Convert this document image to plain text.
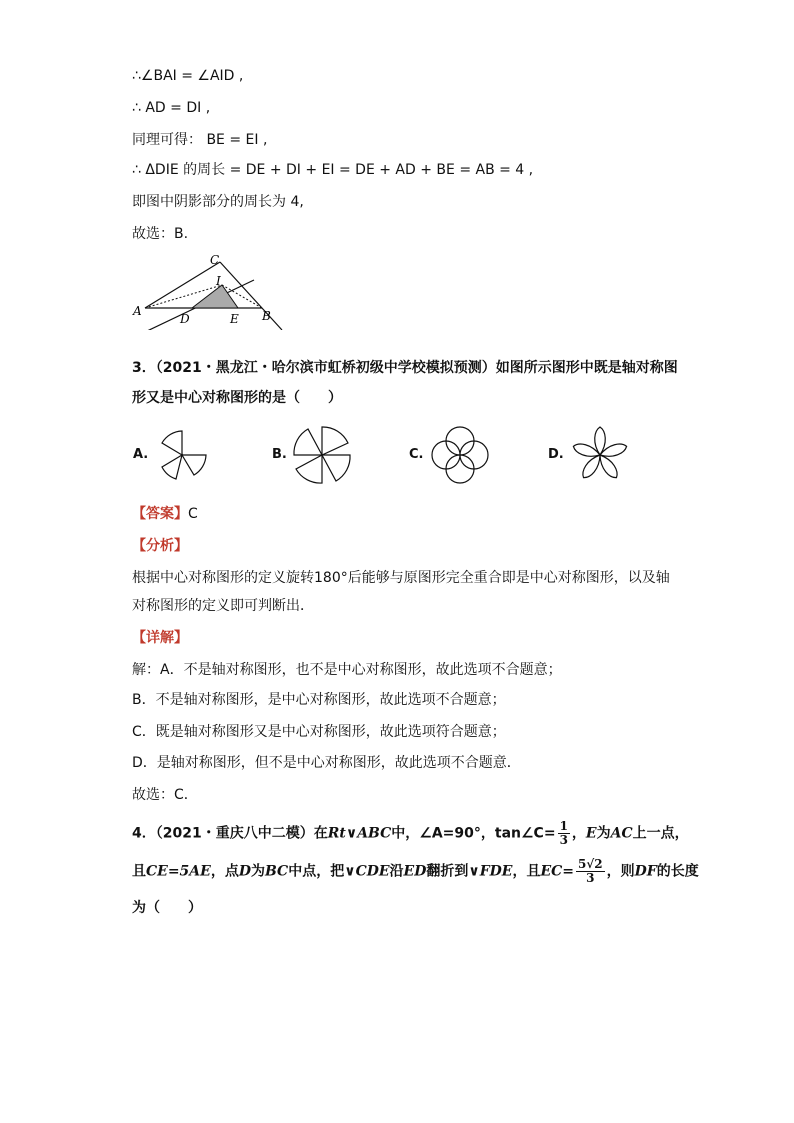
∴∠BAI = ∠AID ,
∴ AD = DI ,
同理可得： BE = EI ,
∴ ΔDIE 的周长 = DE + DI + EI = DE + AD + BE = AB = 4 ,
即图中阴影部分的周长为 4,
故选：B.
C
I
A
D	E B
3．（2021・黑龙江・哈尔滨市虹桥初级中学校模拟预测）如图所示图形中既是轴对称图
形又是中心对称图形的是（　　）
A.	B.	C.	D.
【答案】C
【分析】
根据中心对称图形的定义旋转180°后能够与原图形完全重合即是中心对称图形，以及轴
对称图形的定义即可判断出．
【详解】
解：A．不是轴对称图形，也不是中心对称图形，故此选项不合题意；
B．不是轴对称图形，是中心对称图形，故此选项不合题意；
C．既是轴对称图形又是中心对称图形，故此选项符合题意；
D．是轴对称图形，但不是中心对称图形，故此选项不合题意．
故选：C．
4．（2021・重庆八中二模）在Rt∨ABC中，∠A=90°，tan∠C= $\frac{1}{3}$ ，E为AC上一点，
且CE=5AE，点D为BC中点，把∨CDE沿ED翻折到∨FDE，且$EC= \frac{5√2}{3}$ ，则DF的长度
为（　　）
